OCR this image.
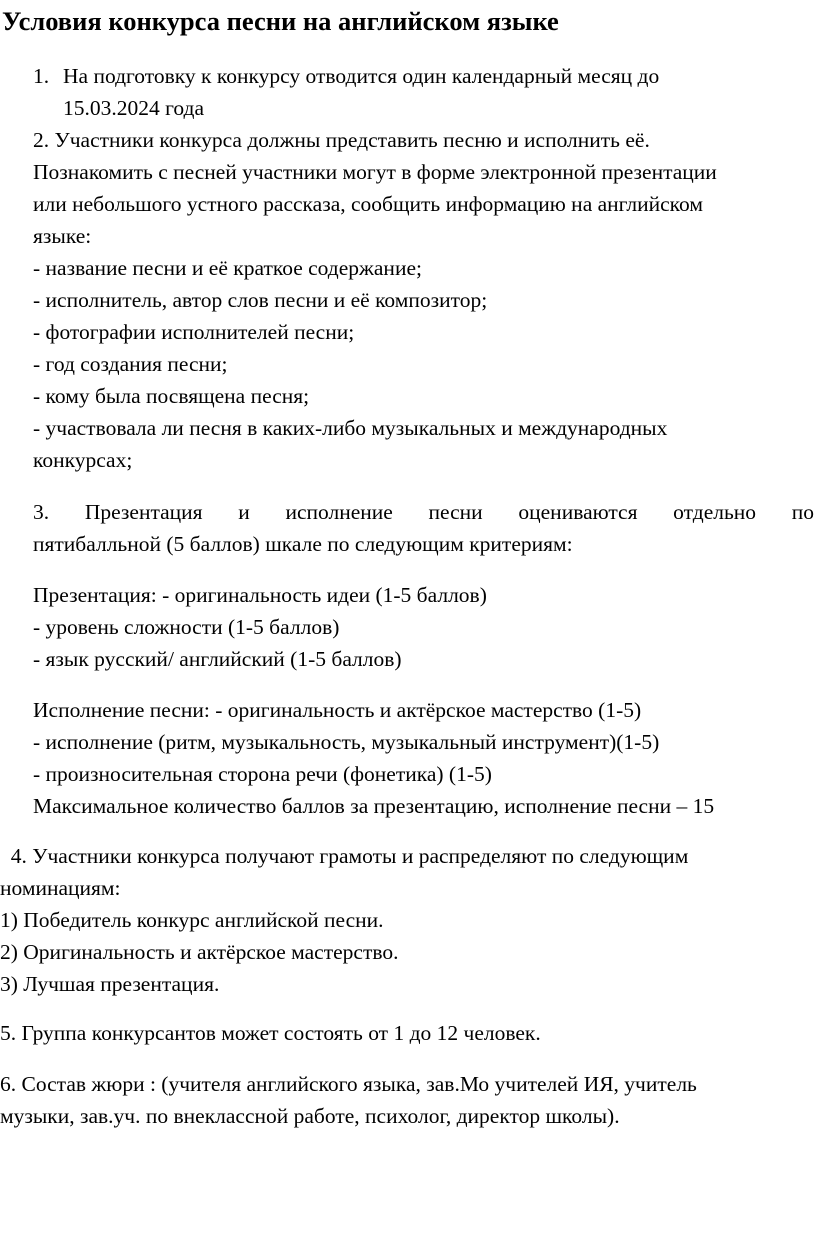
Условия конкурса песни на английском языке
1. На подготовку к конкурсу отводится один календарный месяц до
15.03.2024 года
2. Участники конкурса должны представить песню и исполнить её.
Познакомить с песней участники могут в форме электронной презентации
или небольшого устного рассказа, сообщить информацию на английском
языке:
- название песни и её краткое содержание;
- исполнитель, автор слов песни и её композитор;
- фотографии исполнителей песни;
- год создания песни;
- кому была посвящена песня;
- участвовала ли песня в каких-либо музыкальных и международных
конкурсах;
3. Презентация и исполнение песни оцениваются отдельно по
пятибалльной (5 баллов) шкале по следующим критериям:
Презентация: - оригинальность идеи (1-5 баллов)
- уровень сложности (1-5 баллов)
- язык русский/ английский (1-5 баллов)
Исполнение песни: - оригинальность и актёрское мастерство (1-5)
- исполнение (ритм, музыкальность, музыкальный инструмент)(1-5)
- произносительная сторона речи (фонетика) (1-5)
Максимальное количество баллов за презентацию, исполнение песни – 15
4. Участники конкурса получают грамоты и распределяют по следующим
номинациям:
1) Победитель конкурс английской песни.
2) Оригинальность и актёрское мастерство.
3) Лучшая презентация.
5. Группа конкурсантов может состоять от 1 до 12 человек.
6. Состав жюри : (учителя английского языка, зав.Мо учителей ИЯ, учитель
музыки, зав.уч. по внеклассной работе, психолог, директор школы).
